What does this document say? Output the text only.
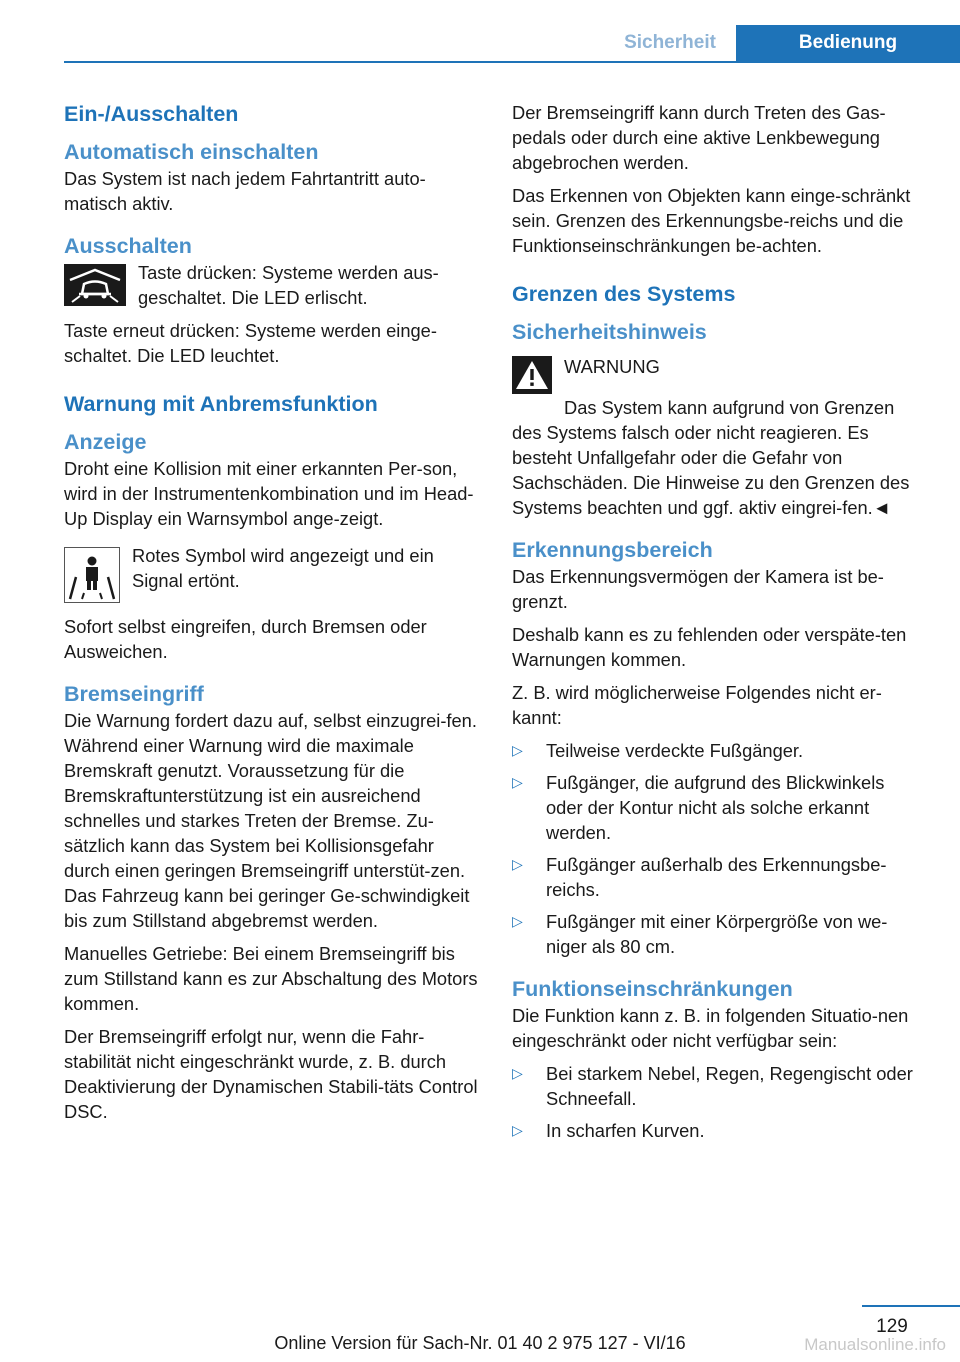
Sicherheit	Bedienung
Ein-/Ausschalten
Automatisch einschalten

Das System ist nach jedem Fahrtantritt auto-matisch aktiv.

Ausschalten

Taste drücken: Systeme werden aus-geschaltet. Die LED erlischt.

Taste erneut drücken: Systeme werden einge-schaltet. Die LED leuchtet.

Warnung mit Anbremsfunktion
Anzeige

Droht eine Kollision mit einer erkannten Per-son, wird in der Instrumentenkombination und im Head-Up Display ein Warnsymbol ange-zeigt.

Rotes Symbol wird angezeigt und ein Signal ertönt.

Sofort selbst eingreifen, durch Bremsen oder Ausweichen.

Bremseingriff

Die Warnung fordert dazu auf, selbst einzugrei-fen. Während einer Warnung wird die maximale Bremskraft genutzt. Voraussetzung für die Bremskraftunterstützung ist ein ausreichend schnelles und starkes Treten der Bremse. Zu-sätzlich kann das System bei Kollisionsgefahr durch einen geringen Bremseingriff unterstüt-zen. Das Fahrzeug kann bei geringer Ge-schwindigkeit bis zum Stillstand abgebremst werden.

Manuelles Getriebe: Bei einem Bremseingriff bis zum Stillstand kann es zur Abschaltung des Motors kommen.

Der Bremseingriff erfolgt nur, wenn die Fahr-stabilität nicht eingeschränkt wurde, z. B. durch Deaktivierung der Dynamischen Stabili-täts Control DSC.

Der Bremseingriff kann durch Treten des Gas-pedals oder durch eine aktive Lenkbewegung abgebrochen werden.

Das Erkennen von Objekten kann einge-schränkt sein. Grenzen des Erkennungsbe-reichs und die Funktionseinschränkungen be-achten.

Grenzen des Systems
Sicherheitshinweis
WARNUNG

Das System kann aufgrund von Grenzen des Systems falsch oder nicht reagieren. Es besteht Unfallgefahr oder die Gefahr von Sachschäden. Die Hinweise zu den Grenzen des Systems beachten und ggf. aktiv eingrei-fen.◄

Erkennungsbereich

Das Erkennungsvermögen der Kamera ist be-grenzt.

Deshalb kann es zu fehlenden oder verspäte-ten Warnungen kommen.

Z. B. wird möglicherweise Folgendes nicht er-kannt:

▷	Teilweise verdeckte Fußgänger.
▷	Fußgänger, die aufgrund des Blickwinkels oder der Kontur nicht als solche erkannt werden.
▷	Fußgänger außerhalb des Erkennungsbe-reichs.
▷	Fußgänger mit einer Körpergröße von we-niger als 80 cm.
Funktionseinschränkungen

Die Funktion kann z. B. in folgenden Situatio-nen eingeschränkt oder nicht verfügbar sein:

▷	Bei starkem Nebel, Regen, Regengischt oder Schneefall.
▷	In scharfen Kurven.
129
Online Version für Sach-Nr. 01 40 2 975 127 - VI/16	Manualsonline.info
